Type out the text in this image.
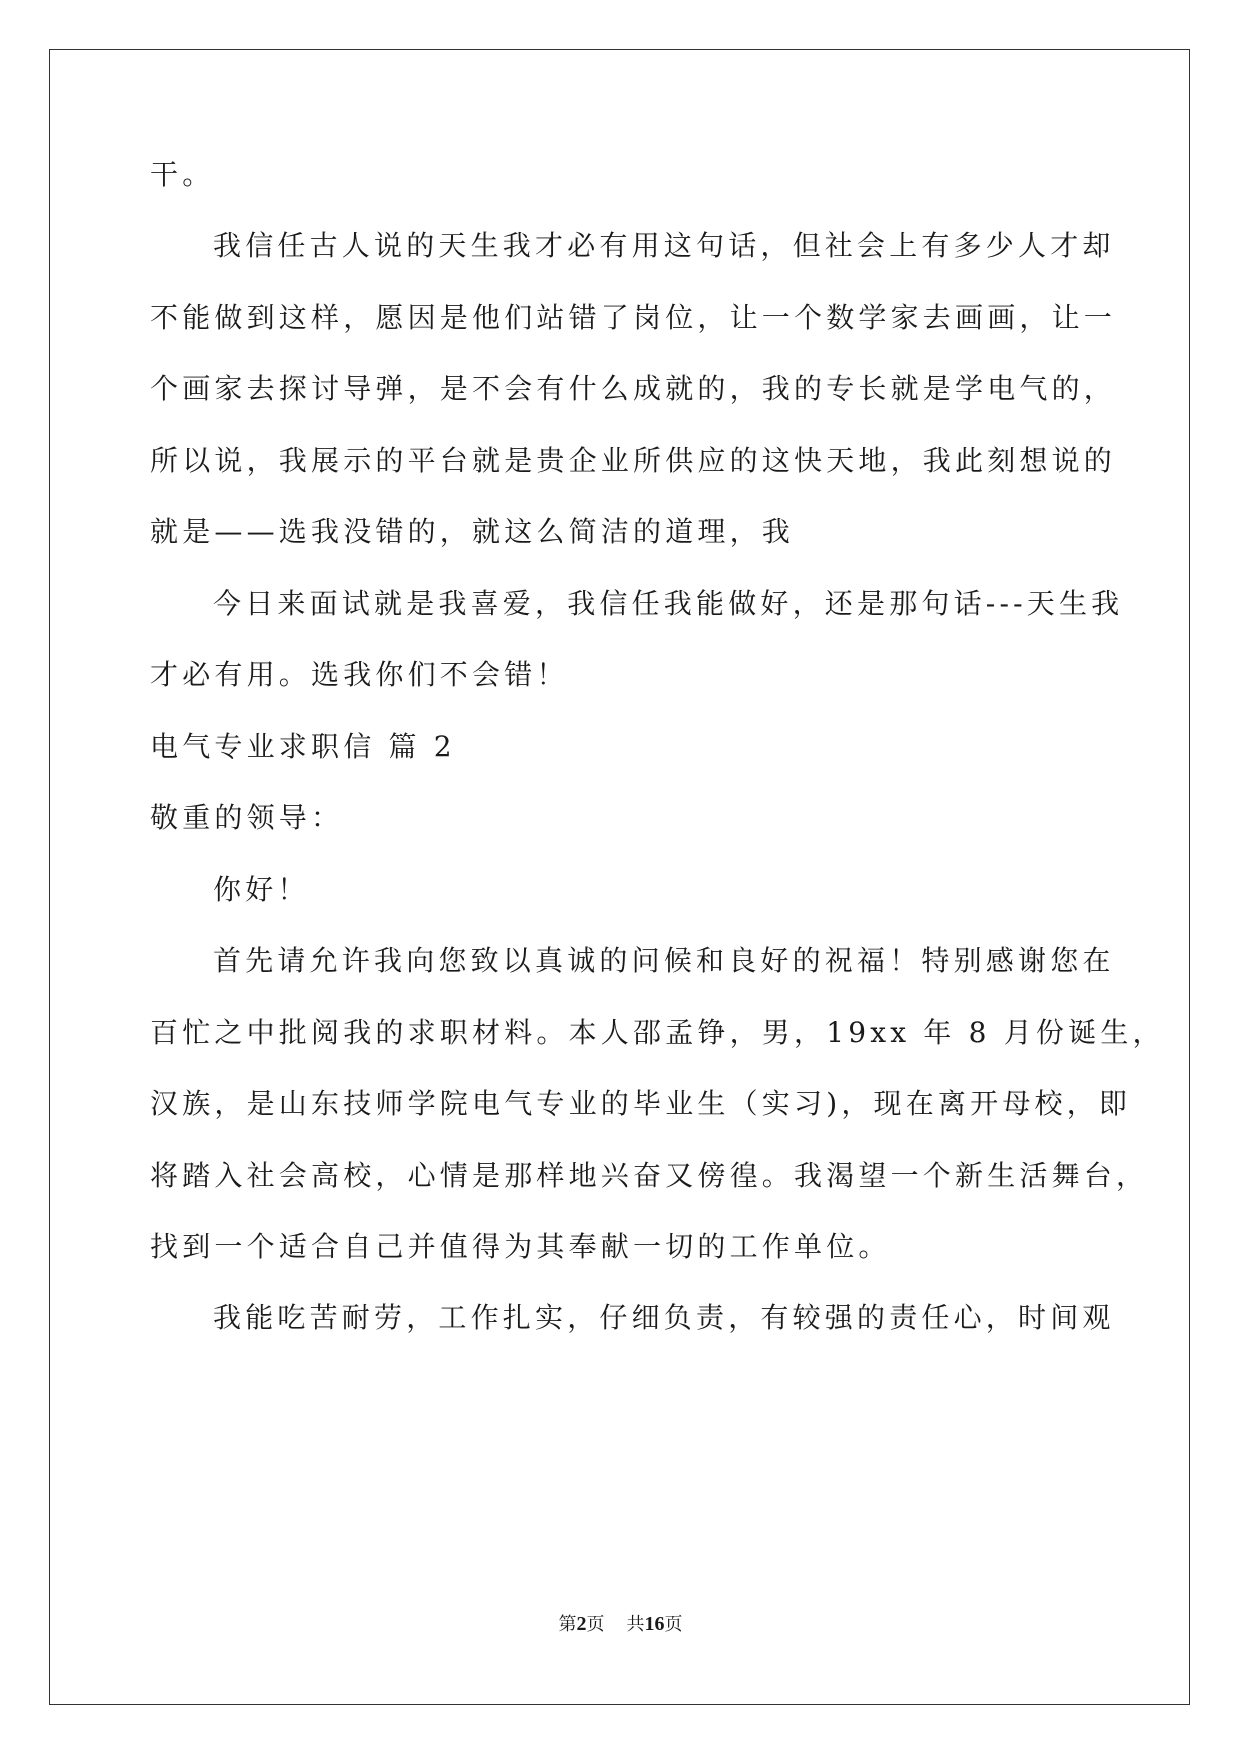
干。
我信任古人说的天生我才必有用这句话，但社会上有多少人才却
不能做到这样，愿因是他们站错了岗位，让一个数学家去画画，让一
个画家去探讨导弹，是不会有什么成就的，我的专长就是学电气的，
所以说，我展示的平台就是贵企业所供应的这快天地，我此刻想说的
就是——选我没错的，就这么简洁的道理，我
今日来面试就是我喜爱，我信任我能做好，还是那句话---天生我
才必有用。选我你们不会错！
电气专业求职信 篇 2
敬重的领导：
你好！
首先请允许我向您致以真诚的问候和良好的祝福！特别感谢您在
百忙之中批阅我的求职材料。本人邵孟铮，男，19xx 年 8 月份诞生，
汉族，是山东技师学院电气专业的毕业生（实习)，现在离开母校，即
将踏入社会高校，心情是那样地兴奋又傍徨。我渴望一个新生活舞台，
找到一个适合自己并值得为其奉献一切的工作单位。
我能吃苦耐劳，工作扎实，仔细负责，有较强的责任心，时间观
第2页 共16页
